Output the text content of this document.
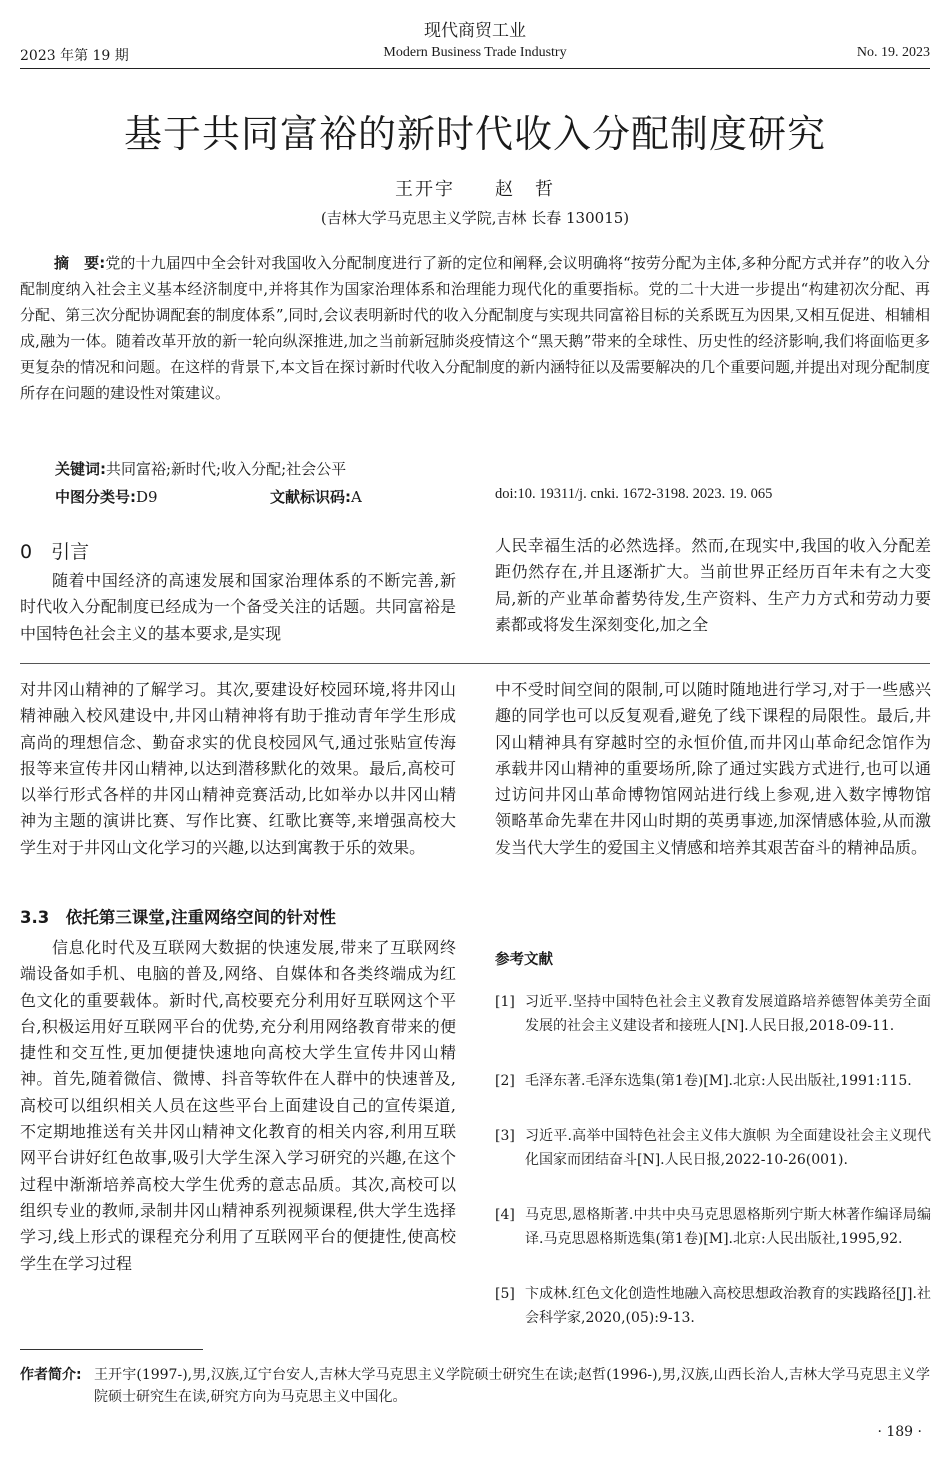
现代商贸工业
2023 年第 19 期	Modern Business Trade Industry	No. 19. 2023
基于共同富裕的新时代收入分配制度研究
王开宇　　赵　哲
(吉林大学马克思主义学院,吉林 长春 130015)

摘　要:党的十九届四中全会针对我国收入分配制度进行了新的定位和阐释,会议明确将“按劳分配为主体,多种分配方式并存”的收入分配制度纳入社会主义基本经济制度中,并将其作为国家治理体系和治理能力现代化的重要指标。党的二十大进一步提出“构建初次分配、再分配、第三次分配协调配套的制度体系”,同时,会议表明新时代的收入分配制度与实现共同富裕目标的关系既互为因果,又相互促进、相辅相成,融为一体。随着改革开放的新一轮向纵深推进,加之当前新冠肺炎疫情这个“黑天鹅”带来的全球性、历史性的经济影响,我们将面临更多更复杂的情况和问题。在这样的背景下,本文旨在探讨新时代收入分配制度的新内涵特征以及需要解决的几个重要问题,并提出对现分配制度所存在问题的建设性对策建议。

关键词:共同富裕;新时代;收入分配;社会公平
中图分类号:D9	文献标识码:A	doi:10. 19311/j. cnki. 1672-3198. 2023. 19. 065
0　引言

随着中国经济的高速发展和国家治理体系的不断完善,新时代收入分配制度已经成为一个备受关注的话题。共同富裕是中国特色社会主义的基本要求,是实现

人民幸福生活的必然选择。然而,在现实中,我国的收入分配差距仍然存在,并且逐渐扩大。当前世界正经历百年未有之大变局,新的产业革命蓄势待发,生产资料、生产力方式和劳动力要素都或将发生深刻变化,加之全

对井冈山精神的了解学习。其次,要建设好校园环境,将井冈山精神融入校风建设中,井冈山精神将有助于推动青年学生形成高尚的理想信念、勤奋求实的优良校园风气,通过张贴宣传海报等来宣传井冈山精神,以达到潜移默化的效果。最后,高校可以举行形式各样的井冈山精神竞赛活动,比如举办以井冈山精神为主题的演讲比赛、写作比赛、红歌比赛等,来增强高校大学生对于井冈山文化学习的兴趣,以达到寓教于乐的效果。

3.3　依托第三课堂,注重网络空间的针对性

信息化时代及互联网大数据的快速发展,带来了互联网终端设备如手机、电脑的普及,网络、自媒体和各类终端成为红色文化的重要载体。新时代,高校要充分利用好互联网这个平台,积极运用好互联网平台的优势,充分利用网络教育带来的便捷性和交互性,更加便捷快速地向高校大学生宣传井冈山精神。首先,随着微信、微博、抖音等软件在人群中的快速普及,高校可以组织相关人员在这些平台上面建设自己的宣传渠道,不定期地推送有关井冈山精神文化教育的相关内容,利用互联网平台讲好红色故事,吸引大学生深入学习研究的兴趣,在这个过程中渐渐培养高校大学生优秀的意志品质。其次,高校可以组织专业的教师,录制井冈山精神系列视频课程,供大学生选择学习,线上形式的课程充分利用了互联网平台的便捷性,使高校学生在学习过程

中不受时间空间的限制,可以随时随地进行学习,对于一些感兴趣的同学也可以反复观看,避免了线下课程的局限性。最后,井冈山精神具有穿越时空的永恒价值,而井冈山革命纪念馆作为承载井冈山精神的重要场所,除了通过实践方式进行,也可以通过访问井冈山革命博物馆网站进行线上参观,进入数字博物馆领略革命先辈在井冈山时期的英勇事迹,加深情感体验,从而激发当代大学生的爱国主义情感和培养其艰苦奋斗的精神品质。

参考文献
[1] 习近平.坚持中国特色社会主义教育发展道路培养德智体美劳全面发展的社会主义建设者和接班人[N].人民日报,2018-09-11.
[2] 毛泽东著.毛泽东选集(第1卷)[M].北京:人民出版社,1991:115.
[3] 习近平.高举中国特色社会主义伟大旗帜 为全面建设社会主义现代化国家而团结奋斗[N].人民日报,2022-10-26(001).
[4] 马克思,恩格斯著.中共中央马克思恩格斯列宁斯大林著作编译局编译.马克思恩格斯选集(第1卷)[M].北京:人民出版社,1995,92.
[5] 卞成林.红色文化创造性地融入高校思想政治教育的实践路径[J].社会科学家,2020,(05):9-13.
作者简介: 王开宇(1997-),男,汉族,辽宁台安人,吉林大学马克思主义学院硕士研究生在读;赵哲(1996-),男,汉族,山西长治人,吉林大学马克思主义学院硕士研究生在读,研究方向为马克思主义中国化。
· 189 ·
